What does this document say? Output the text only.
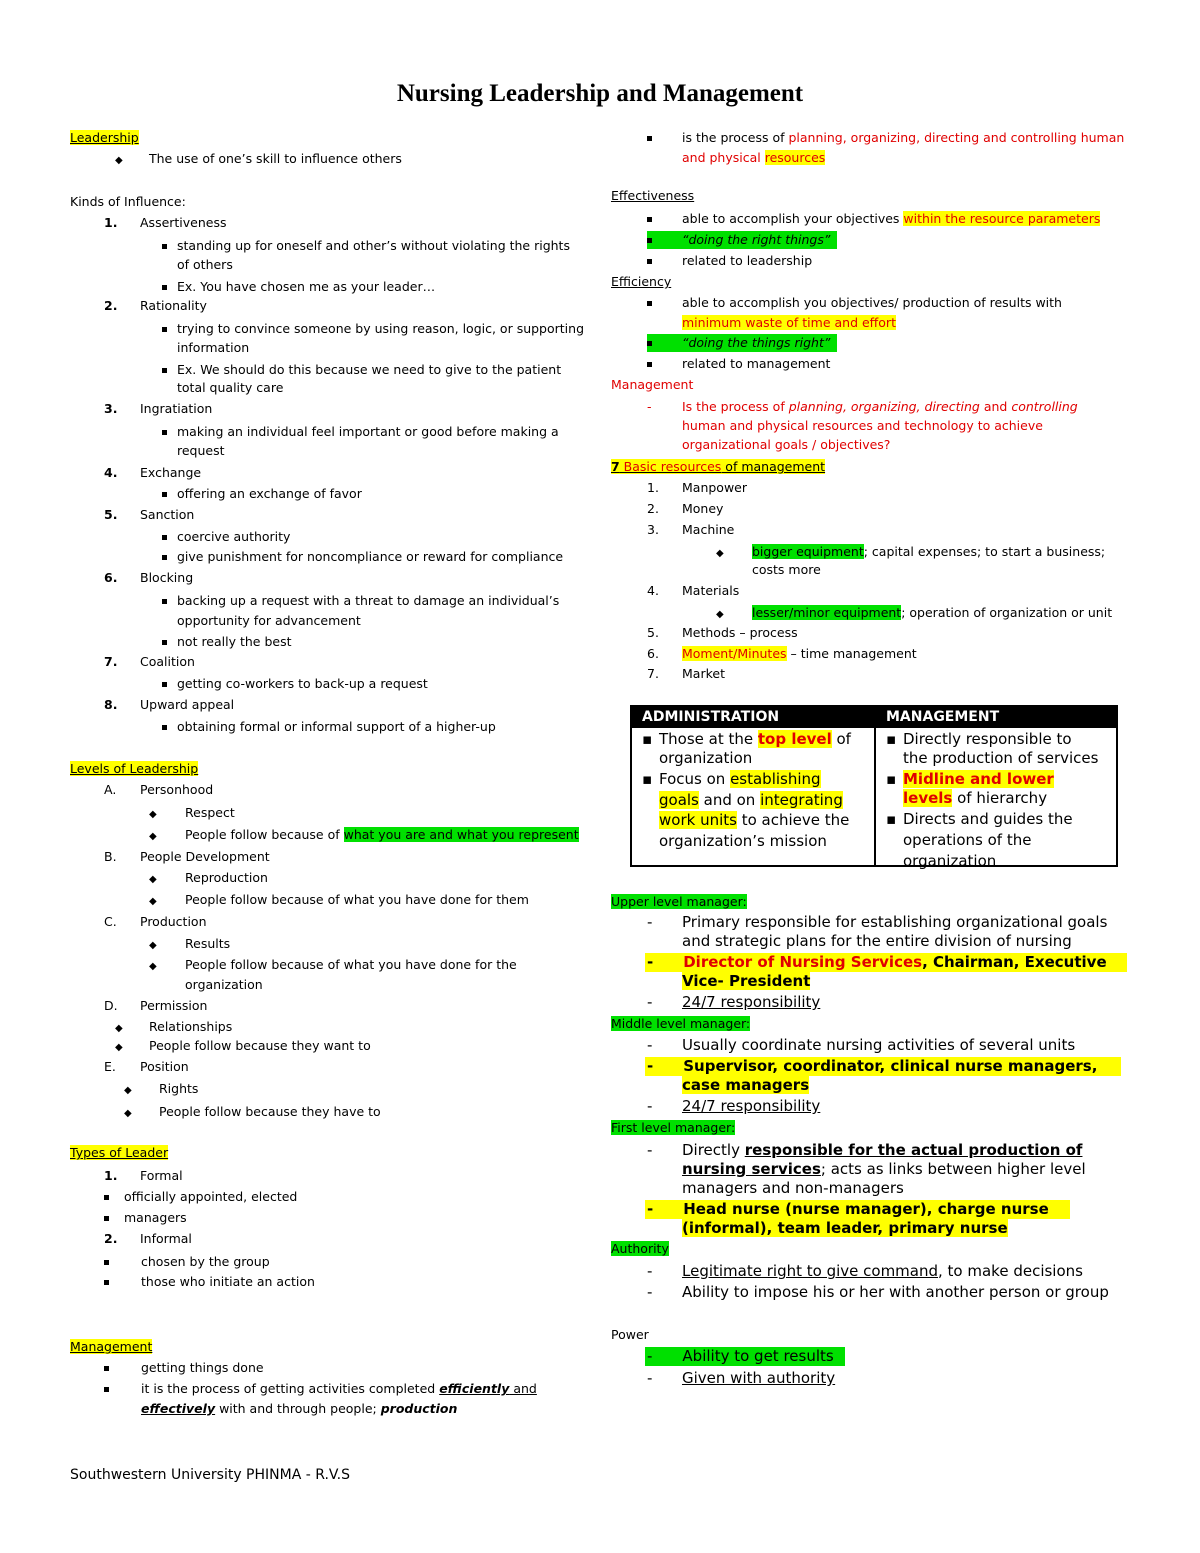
Nursing Leadership and Management
Leadership
◆ The use of one’s skill to influence others
Kinds of Influence:
1. Assertiveness
standing up for oneself and other’s without violating the rights
of others
Ex. You have chosen me as your leader…
2. Rationality
trying to convince someone by using reason, logic, or supporting
information
Ex. We should do this because we need to give to the patient
total quality care
3. Ingratiation
making an individual feel important or good before making a
request
4. Exchange
offering an exchange of favor
5. Sanction
coercive authority
give punishment for noncompliance or reward for compliance
6. Blocking
backing up a request with a threat to damage an individual’s
opportunity for advancement
not really the best
7. Coalition
getting co-workers to back-up a request
8. Upward appeal
obtaining formal or informal support of a higher-up
Levels of Leadership
A. Personhood
◆ Respect
◆ People follow because of what you are and what you represent
B. People Development
◆ Reproduction
◆ People follow because of what you have done for them
C. Production
◆ Results
◆ People follow because of what you have done for the
organization
D. Permission
◆ Relationships
◆ People follow because they want to
E. Position
◆ Rights
◆ People follow because they have to
Types of Leader
1. Formal
officially appointed, elected
managers
2. Informal
chosen by the group
those who initiate an action
Management
getting things done
it is the process of getting activities completed efficiently and
effectively with and through people; production
is the process of planning, organizing, directing and controlling human
and physical resources
Effectiveness
able to accomplish your objectives within the resource parameters
“doing the right things”
related to leadership
Efficiency
able to accomplish you objectives/ production of results with
minimum waste of time and effort
“doing the things right”
related to management
Management
- Is the process of planning, organizing, directing and controlling
human and physical resources and technology to achieve
organizational goals / objectives?
7 Basic resources of management
1. Manpower
2. Money
3. Machine
◆ bigger equipment; capital expenses; to start a business;
costs more
4. Materials
◆ lesser/minor equipment; operation of organization or unit
5. Methods – process
6. Moment/Minutes – time management
7. Market
ADMINISTRATION	MANAGEMENT
▪ Those at the top level of
organization
▪ Focus on establishing
goals and on integrating
work units to achieve the
organization’s mission
▪ Directly responsible to
the production of services
▪ Midline and lower
levels of hierarchy
▪ Directs and guides the
operations of the
organization
Upper level manager:
- Primary responsible for establishing organizational goals
and strategic plans for the entire division of nursing
- Director of Nursing Services, Chairman, Executive
Vice- President
- 24/7 responsibility
Middle level manager:
- Usually coordinate nursing activities of several units
- Supervisor, coordinator, clinical nurse managers,
case managers
- 24/7 responsibility
First level manager:
- Directly responsible for the actual production of
nursing services; acts as links between higher level
managers and non-managers
- Head nurse (nurse manager), charge nurse
(informal), team leader, primary nurse
Authority
- Legitimate right to give command, to make decisions
- Ability to impose his or her with another person or group
Power
- Ability to get results
- Given with authority
Southwestern University PHINMA - R.V.S
